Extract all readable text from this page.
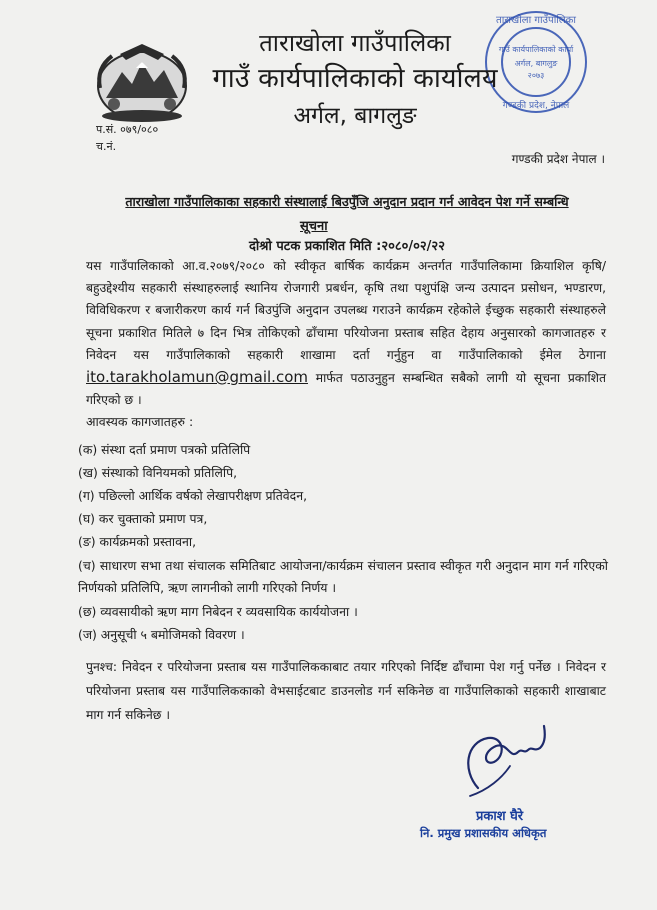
ताराखोला गाउँपालिका
गाउँ कार्यपालिकाको कार्या
अर्गल, बागलुङ
२०७३
गण्डकी प्रदेश, नेपाल
ताराखोला गाउँपालिका
गाउँ कार्यपालिकाको कार्यालय
अर्गल, बागलुङ
प.सं. ०७९/०८०
च.नं.
गण्डकी प्रदेश नेपाल ।
ताराखोला गाउँपालिकाका सहकारी संस्थालाई बिउपुँजि अनुदान प्रदान गर्न आवेदन पेश गर्ने सम्बन्धि
सूचना
दोश्रो पटक प्रकाशित मिति :२०८०/०२/२२
यस गाउँपालिकाको आ.व.२०७९/२०८० को स्वीकृत बार्षिक कार्यक्रम अन्तर्गत गाउँपालिकामा क्रियाशिल कृषि/बहुउद्देश्यीय सहकारी संस्थाहरुलाई स्थानिय रोजगारी प्रबर्धन, कृषि तथा पशुपंक्षि जन्य उत्पादन प्रसोधन, भण्डारण, विविधिकरण र बजारीकरण कार्य गर्न बिउपुंजि अनुदान उपलब्ध गराउने कार्यक्रम रहेकोले ईच्छुक सहकारी संस्थाहरुले सूचना प्रकाशित मितिले ७ दिन भित्र तोकिएको ढाँचामा परियोजना प्रस्ताब सहित देहाय अनुसारको कागजातहरु र निवेदन यस गाउँपालिकाको सहकारी शाखामा दर्ता गर्नुहुन वा गाउँपालिकाको ईमेल ठेगाना ito.tarakholamun@gmail.com मार्फत पठाउनुहुन सम्बन्धित सबैको लागी यो सूचना प्रकाशित गरिएको छ ।
आवस्यक कागजातहरु :
(क) संस्था दर्ता प्रमाण पत्रको प्रतिलिपि
(ख) संस्थाको विनियमको प्रतिलिपि,
(ग) पछिल्लो आर्थिक वर्षको लेखापरीक्षण प्रतिवेदन,
(घ) कर चुक्ताको प्रमाण पत्र,
(ङ) कार्यक्रमको प्रस्तावना,
(च) साधारण सभा तथा संचालक समितिबाट आयोजना/कार्यक्रम संचालन प्रस्ताव स्वीकृत गरी अनुदान माग गर्न गरिएको निर्णयको प्रतिलिपि, ऋण लागनीको लागी गरिएको निर्णय ।
(छ) व्यवसायीको ऋण माग निबेदन र व्यवसायिक कार्ययोजना ।
(ज) अनुसूची ५ बमोजिमको विवरण ।
पुनश्च: निवेदन र परियोजना प्रस्ताब यस गाउँपालिककाबाट तयार गरिएको निर्दिष्ट ढाँचामा पेश गर्नु पर्नेछ । निवेदन र परियोजना प्रस्ताब यस गाउँपालिककाको वेभसाईटबाट डाउनलोड गर्न सकिनेछ वा गाउँपालिकाको सहकारी शाखाबाट माग गर्न सकिनेछ ।
प्रकाश घैरे
नि. प्रमुख प्रशासकीय अधिकृत
